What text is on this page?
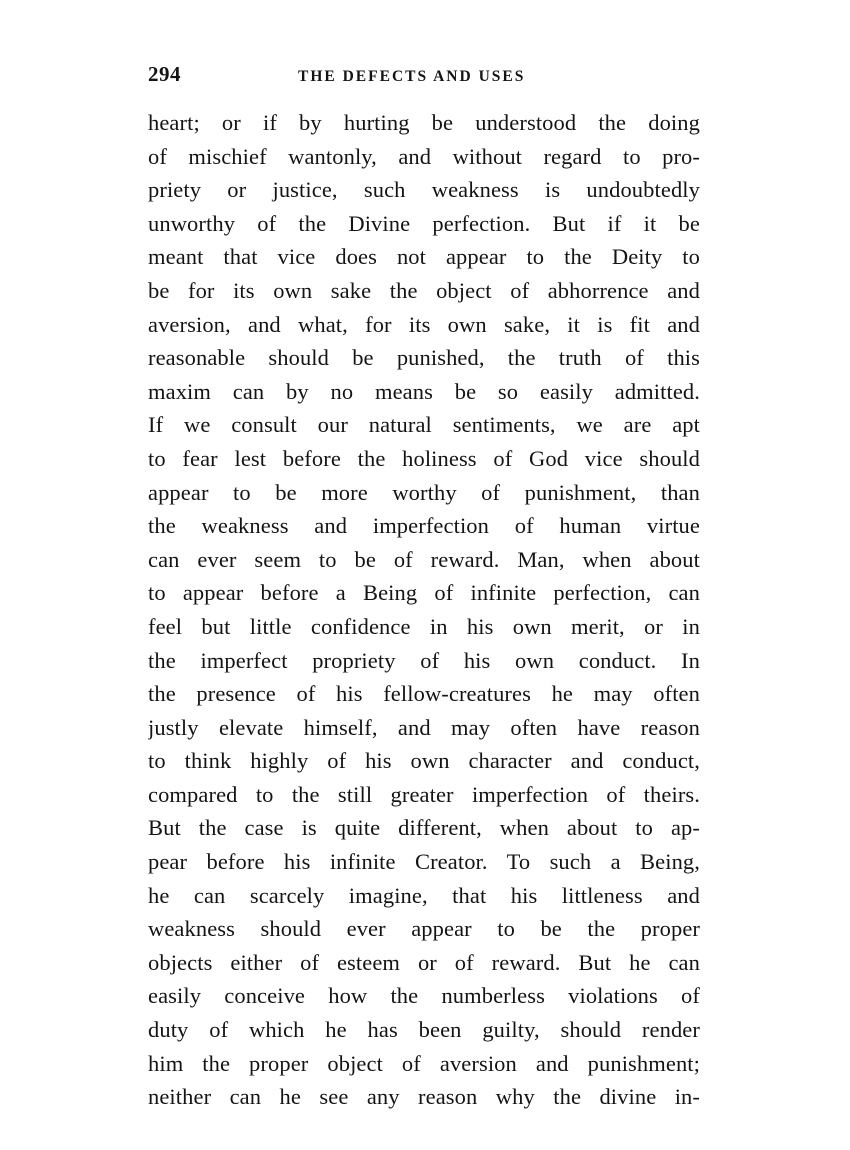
294	THE DEFECTS AND USES
heart; or if by hurting be understood the doing
of mischief wantonly, and without regard to pro-
priety or justice, such weakness is undoubtedly
unworthy of the Divine perfection. But if it be
meant that vice does not appear to the Deity to
be for its own sake the object of abhorrence and
aversion, and what, for its own sake, it is fit and
reasonable should be punished, the truth of this
maxim can by no means be so easily admitted.
If we consult our natural sentiments, we are apt
to fear lest before the holiness of God vice should
appear to be more worthy of punishment, than
the weakness and imperfection of human virtue
can ever seem to be of reward. Man, when about
to appear before a Being of infinite perfection, can
feel but little confidence in his own merit, or in
the imperfect propriety of his own conduct. In
the presence of his fellow-creatures he may often
justly elevate himself, and may often have reason
to think highly of his own character and conduct,
compared to the still greater imperfection of theirs.
But the case is quite different, when about to ap-
pear before his infinite Creator. To such a Being,
he can scarcely imagine, that his littleness and
weakness should ever appear to be the proper
objects either of esteem or of reward. But he can
easily conceive how the numberless violations of
duty of which he has been guilty, should render
him the proper object of aversion and punishment;
neither can he see any reason why the divine in-
